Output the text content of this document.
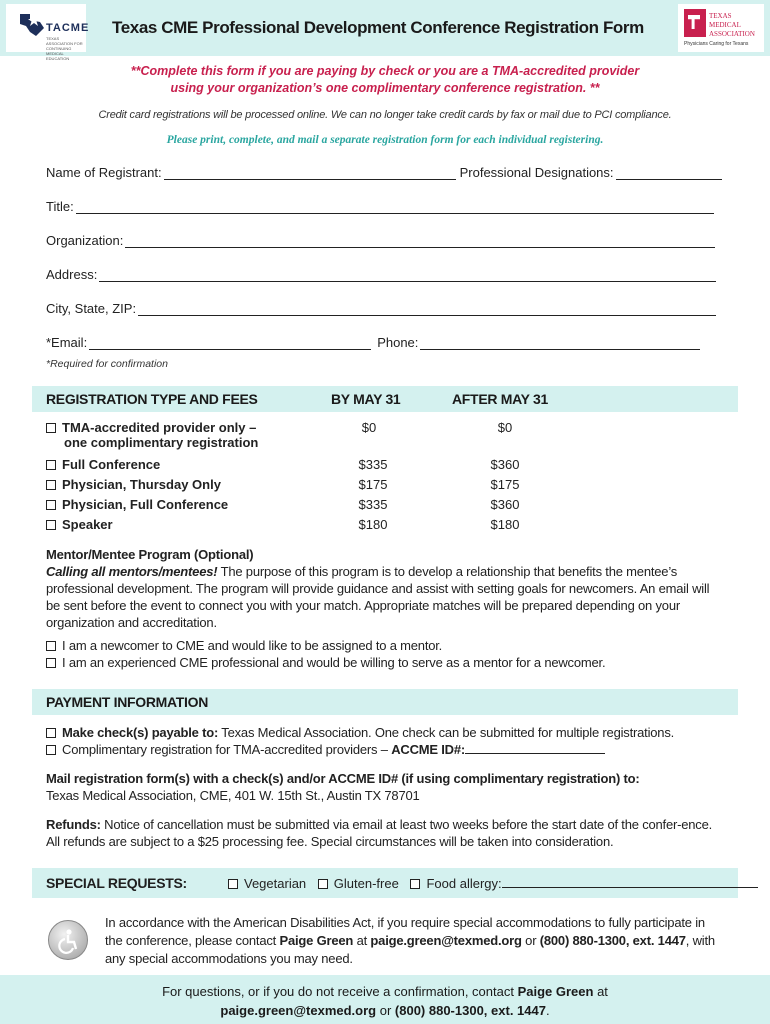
TACME
TEXAS ASSOCIATION FOR CONTINUING MEDICAL EDUCATION
Texas CME Professional Development Conference Registration Form
TEXAS MEDICAL ASSOCIATION
Physicians Caring for Texans
**Complete this form if you are paying by check or you are a TMA-accredited provider
using your organization’s one complimentary conference registration. **
Credit card registrations will be processed online. We can no longer take credit cards by fax or mail due to PCI compliance.
Please print, complete, and mail a separate registration form for each individual registering.
Name of Registrant:	Professional Designations:
Title:
Organization:
Address:
City, State, ZIP:
*Email:	Phone:
*Required for confirmation
REGISTRATION TYPE AND FEES	BY MAY 31	AFTER MAY 31
TMA-accredited provider only –
one complimentary registration
$0	$0
Full Conference	$335	$360
Physician, Thursday Only	$175	$175
Physician, Full Conference	$335	$360
Speaker	$180	$180
Mentor/Mentee Program (Optional)
Calling all mentors/mentees! The purpose of this program is to develop a relationship that benefits the mentee’s professional development. The program will provide guidance and assist with setting goals for newcomers. An email will be sent before the event to connect you with your match. Appropriate matches will be prepared depending on your organization and accreditation.
I am a newcomer to CME and would like to be assigned to a mentor.
I am an experienced CME professional and would be willing to serve as a mentor for a newcomer.
PAYMENT INFORMATION
Make check(s) payable to: Texas Medical Association. One check can be submitted for multiple registrations.
Complimentary registration for TMA-accredited providers – ACCME ID#:
Mail registration form(s) with a check(s) and/or ACCME ID# (if using complimentary registration) to:
Texas Medical Association, CME, 401 W. 15th St., Austin TX 78701
Refunds: Notice of cancellation must be submitted via email at least two weeks before the start date of the confer-ence. All refunds are subject to a $25 processing fee. Special circumstances will be taken into consideration.
SPECIAL REQUESTS:	Vegetarian Gluten-free Food allergy:
In accordance with the American Disabilities Act, if you require special accommodations to fully participate in the conference, please contact Paige Green at paige.green@texmed.org or (800) 880-1300, ext. 1447, with any special accommodations you may need.
For questions, or if you do not receive a confirmation, contact Paige Green at
paige.green@texmed.org or (800) 880-1300, ext. 1447.
